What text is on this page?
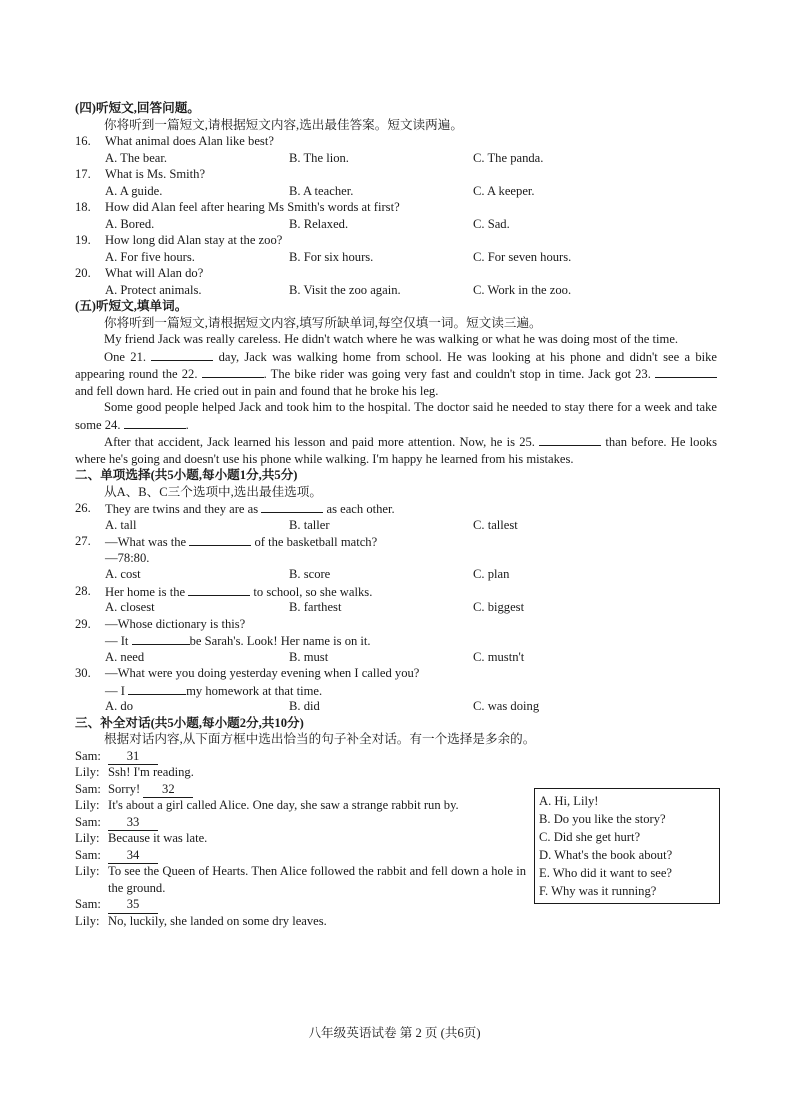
(四)听短文,回答问题。
你将听到一篇短文,请根据短文内容,选出最佳答案。短文读两遍。
16. What animal does Alan like best?
A. The bear.	B. The lion.	C. The panda.
17. What is Ms. Smith?
A. A guide.	B. A teacher.	C. A keeper.
18. How did Alan feel after hearing Ms Smith's words at first?
A. Bored.	B. Relaxed.	C. Sad.
19. How long did Alan stay at the zoo?
A. For five hours.	B. For six hours.	C. For seven hours.
20. What will Alan do?
A. Protect animals.	B. Visit the zoo again.	C. Work in the zoo.
(五)听短文,填单词。
你将听到一篇短文,请根据短文内容,填写所缺单词,每空仅填一词。短文读三遍。
My friend Jack was really careless. He didn't watch where he was walking or what he was doing most of the time.
One 21.	day, Jack was walking home from school. He was looking at his phone and didn't see a bike appearing round the 22.	. The bike rider was going very fast and couldn't stop in time. Jack got 23.  and fell down hard. He cried out in pain and found that he broke his leg.
Some good people helped Jack and took him to the hospital. The doctor said he needed to stay there for a week and take some 24.	.
After that accident, Jack learned his lesson and paid more attention. Now, he is 25.	than before. He looks where he's going and doesn't use his phone while walking. I'm happy he learned from his mistakes.
二、单项选择(共5小题,每小题1分,共5分)
从A、B、C三个选项中,选出最佳选项。
26. They are twins and they are as	as each other.
A. tall	B. taller	C. tallest
27. —What was the	of the basketball match?
—78:80.
A. cost	B. score	C. plan
28. Her home is the	to school, so she walks.
A. closest	B. farthest	C. biggest
29. —Whose dictionary is this?
— It	be Sarah's. Look! Her name is on it.
A. need	B. must	C. mustn't
30. —What were you doing yesterday evening when I called you?
— I	my homework at that time.
A. do	B. did	C. was doing
三、补全对话(共5小题,每小题2分,共10分)
根据对话内容,从下面方框中选出恰当的句子补全对话。有一个选择是多余的。
Sam:	31
Lily: Ssh! I'm reading.
Sam: Sorry! 32
Lily: It's about a girl called Alice. One day, she saw a strange rabbit run by.
Sam:	33
Lily: Because it was late.
Sam:	34
Lily: To see the Queen of Hearts. Then Alice followed the rabbit and fell down a hole in the ground.
Sam:	35
Lily: No, luckily, she landed on some dry leaves.
A. Hi, Lily!
B. Do you like the story?
C. Did she get hurt?
D. What's the book about?
E. Who did it want to see?
F. Why was it running?
八年级英语试卷 第 2 页 (共6页)
